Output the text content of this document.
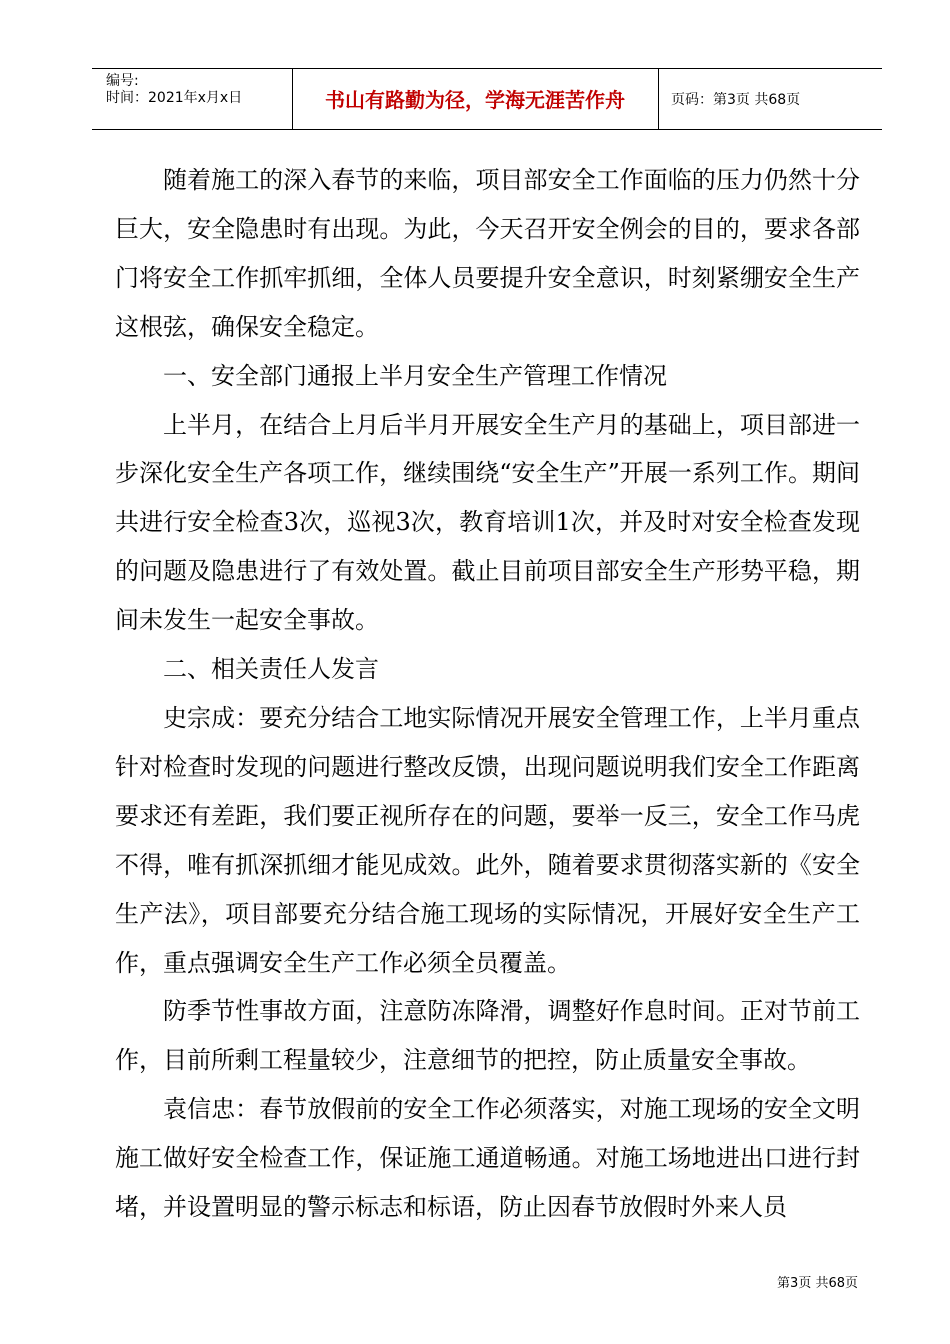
编号:
时间：2021年x月x日	书山有路勤为径，学海无涯苦作舟	页码：第3页 共68页

随着施工的深入春节的来临，项目部安全工作面临的压力仍然十分巨大，安全隐患时有出现。为此，今天召开安全例会的目的，要求各部门将安全工作抓牢抓细，全体人员要提升安全意识，时刻紧绷安全生产这根弦，确保安全稳定。

一、安全部门通报上半月安全生产管理工作情况

上半月，在结合上月后半月开展安全生产月的基础上，项目部进一步深化安全生产各项工作，继续围绕“安全生产”开展一系列工作。期间共进行安全检查3次，巡视3次，教育培训1次，并及时对安全检查发现的问题及隐患进行了有效处置。截止目前项目部安全生产形势平稳，期间未发生一起安全事故。

二、相关责任人发言

史宗成：要充分结合工地实际情况开展安全管理工作，上半月重点针对检查时发现的问题进行整改反馈，出现问题说明我们安全工作距离要求还有差距，我们要正视所存在的问题，要举一反三，安全工作马虎不得，唯有抓深抓细才能见成效。此外，随着要求贯彻落实新的《安全生产法》，项目部要充分结合施工现场的实际情况，开展好安全生产工作，重点强调安全生产工作必须全员覆盖。

防季节性事故方面，注意防冻降滑，调整好作息时间。正对节前工作，目前所剩工程量较少，注意细节的把控，防止质量安全事故。

袁信忠：春节放假前的安全工作必须落实，对施工现场的安全文明施工做好安全检查工作，保证施工通道畅通。对施工场地进出口进行封堵，并设置明显的警示标志和标语，防止因春节放假时外来人员

第3页 共68页
